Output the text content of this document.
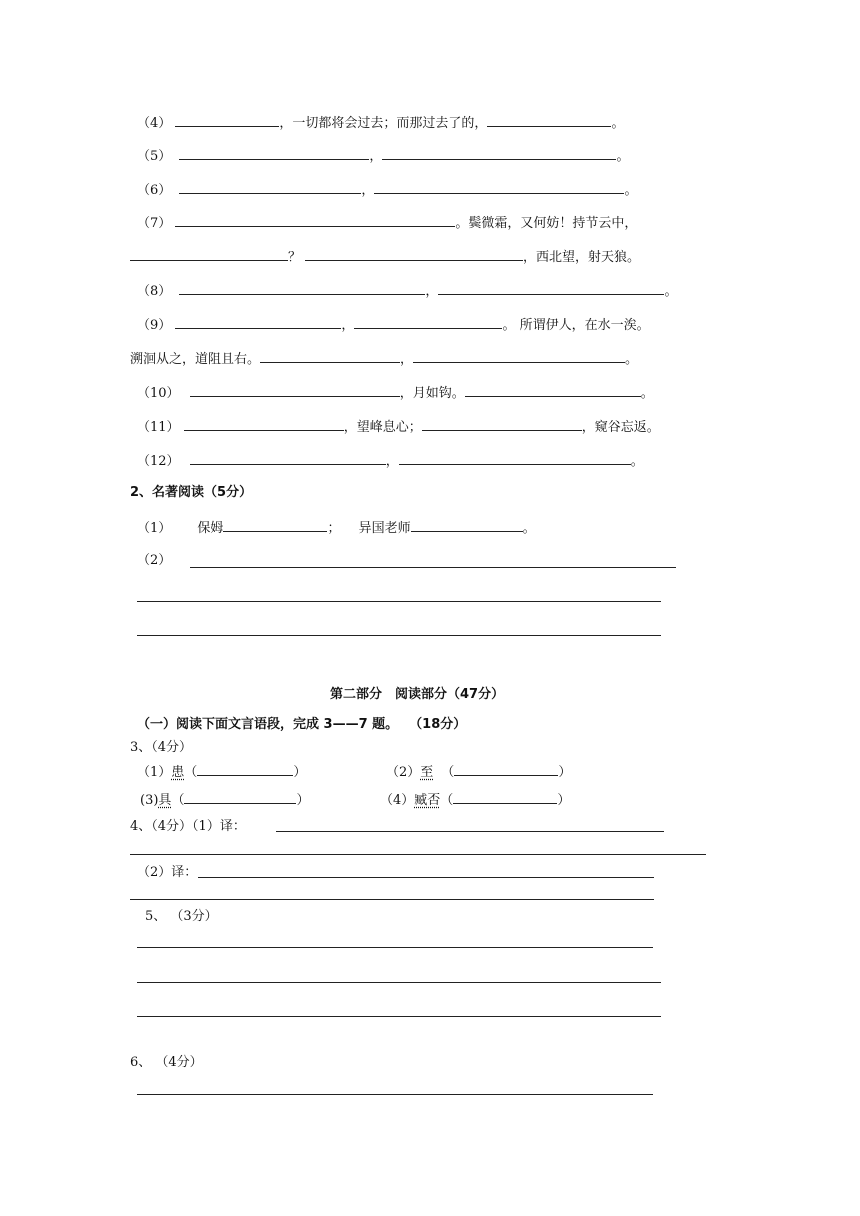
（4）	，一切都将会过去；而那过去了的，	。
（5）	，	。
（6）	，	。
（7）	。鬓微霜，又何妨！持节云中，
？	，西北望，射天狼。
（8）	，	。
（9）	，	。 所谓伊人，在水一涘。
溯洄从之，道阻且右。	，	。
（10）	，月如钩。	。
（11）	，望峰息心；	，窥谷忘返。
（12）	，	。
2、名著阅读（5分）
（1） 保姆	； 异国老师	。
（2）
第二部分　阅读部分（47分）
（一）阅读下面文言语段，完成 3——7 题。　 （18分）
3、（4分）
（1）患（	）	（2）至 （	）
(3)具（	）	（4）臧否（	）
4、（4分）（1）译：
（2）译：
5、 （3分）
6、 （4分）
